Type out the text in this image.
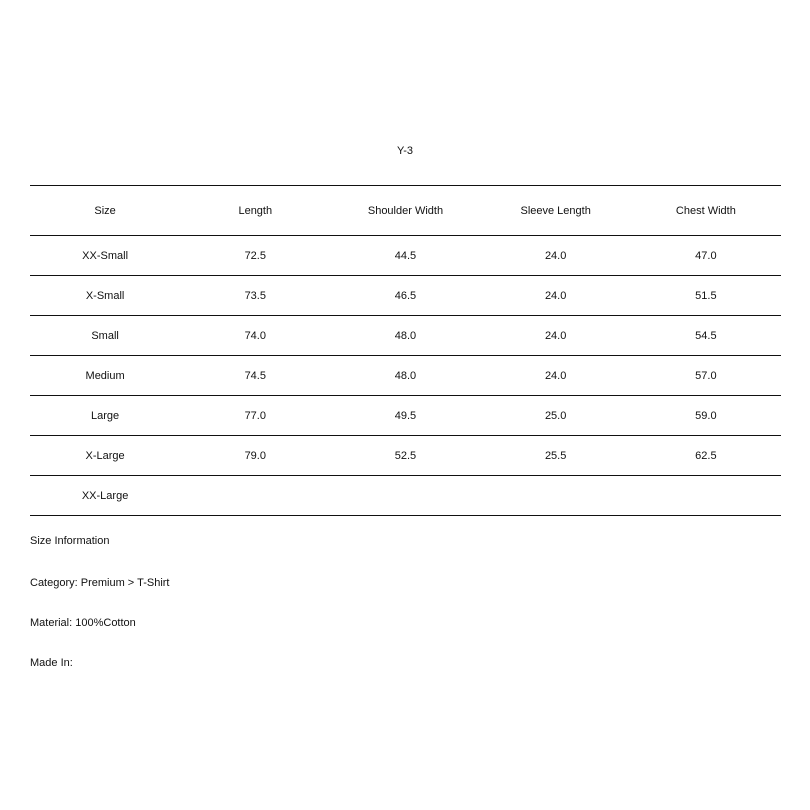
Y-3
Size	Length	Shoulder Width	Sleeve Length	Chest Width
XX-Small	72.5	44.5	24.0	47.0
X-Small	73.5	46.5	24.0	51.5
Small	74.0	48.0	24.0	54.5
Medium	74.5	48.0	24.0	57.0
Large	77.0	49.5	25.0	59.0
X-Large	79.0	52.5	25.5	62.5
XX-Large				
Size Information
Category: Premium > T-Shirt
Material: 100%Cotton
Made In:
